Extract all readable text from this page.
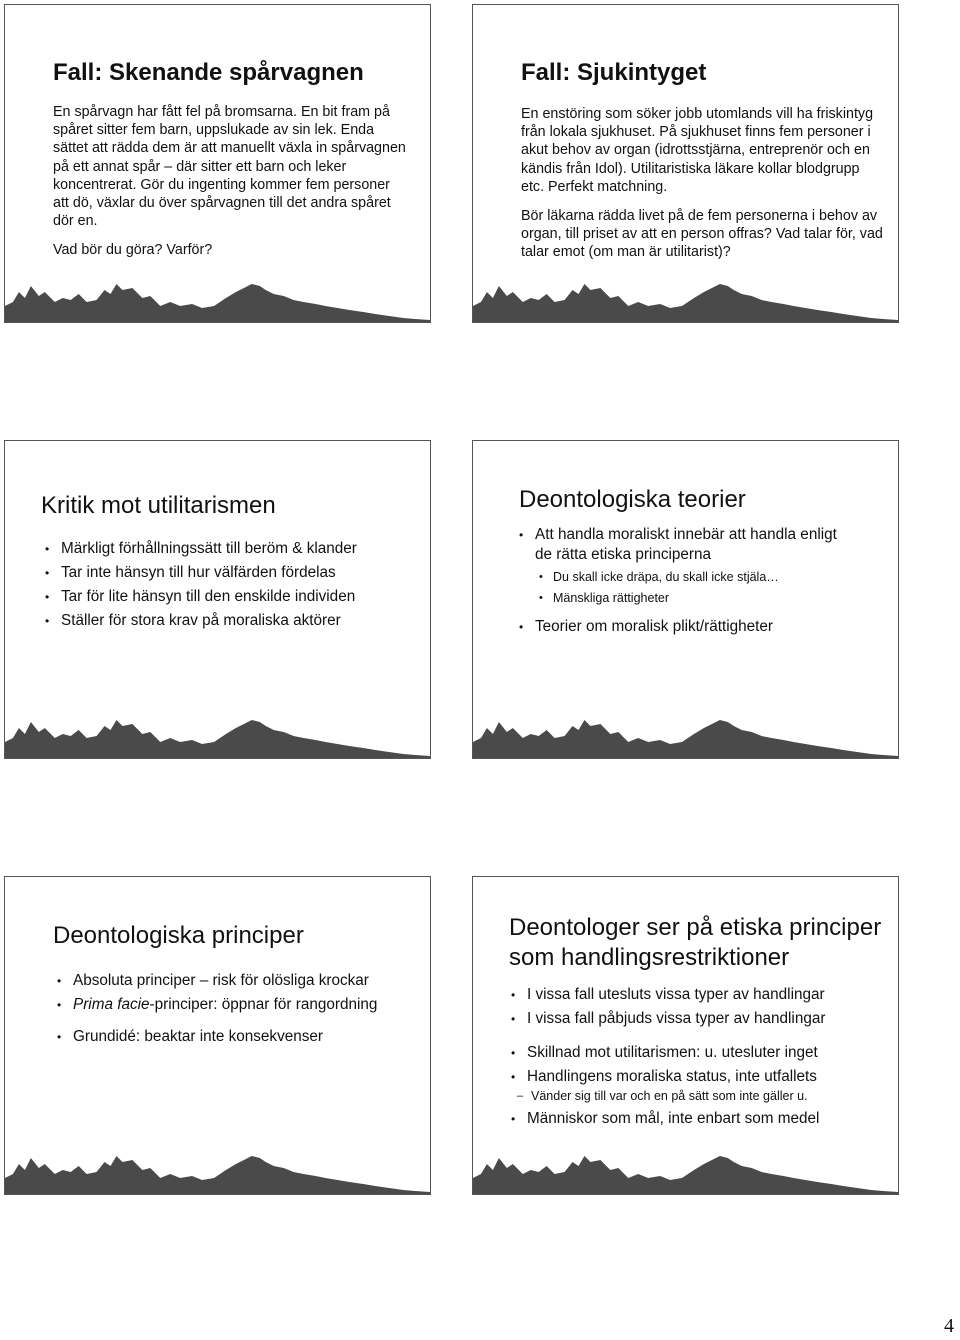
Fall: Skenande spårvagnen

En spårvagn har fått fel på bromsarna. En bit fram på spåret sitter fem barn, uppslukade av sin lek. Enda sättet att rädda dem är att manuellt växla in spårvagnen på ett annat spår – där sitter ett barn och leker koncentrerat. Gör du ingenting kommer fem personer att dö, växlar du över spårvagnen till det andra spåret dör en.

Vad bör du göra? Varför?

Fall: Sjukintyget

En enstöring som söker jobb utomlands vill ha friskintyg från lokala sjukhuset. På sjukhuset finns fem personer i akut behov av organ (idrottsstjärna, entreprenör och en kändis från Idol). Utilitaristiska läkare kollar blodgrupp etc. Perfekt matchning.

Bör läkarna rädda livet på de fem personerna i behov av organ, till priset av att en person offras? Vad talar för, vad talar emot (om man är utilitarist)?

Kritik mot utilitarismen
• Märkligt förhållningssätt till beröm & klander
• Tar inte hänsyn till hur välfärden fördelas
• Tar för lite hänsyn till den enskilde individen
• Ställer för stora krav på moraliska aktörer
Deontologiska teorier
• Att handla moraliskt innebär att handla enligt de rätta etiska principerna
• Du skall icke dräpa, du skall icke stjäla…
• Mänskliga rättigheter
• Teorier om moralisk plikt/rättigheter
Deontologiska principer
• Absoluta principer – risk för olösliga krockar
• Prima facie-principer: öppnar för rangordning
• Grundidé: beaktar inte konsekvenser
Deontologer ser på etiska principer som handlingsrestriktioner
• I vissa fall utesluts vissa typer av handlingar
• I vissa fall påbjuds vissa typer av handlingar
• Skillnad mot utilitarismen: u. utesluter inget
• Handlingens moraliska status, inte utfallets
– Vänder sig till var och en på sätt som inte gäller u.
• Människor som mål, inte enbart som medel
4
